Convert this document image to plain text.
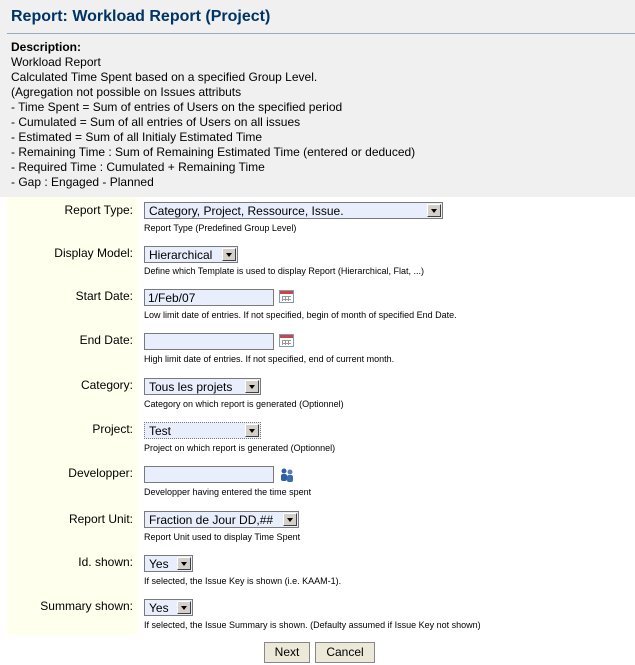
Report: Workload Report (Project)
Description:
Workload Report
Calculated Time Spent based on a specified Group Level.
(Agregation not possible on Issues attributs
- Time Spent = Sum of entries of Users on the specified period
- Cumulated = Sum of all entries of Users on all issues
- Estimated = Sum of all Initialy Estimated Time
- Remaining Time : Sum of Remaining Estimated Time (entered or deduced)
- Required Time : Cumulated + Remaining Time
- Gap : Engaged - Planned
Report Type: Category, Project, Ressource, Issue.
Report Type (Predefined Group Level)
Display Model: Hierarchical
Define which Template is used to display Report (Hierarchical, Flat, ...)
Start Date: 1/Feb/07
Low limit date of entries. If not specified, begin of month of specified End Date.
End Date:
High limit date of entries. If not specified, end of current month.
Category: Tous les projets
Category on which report is generated (Optionnel)
Project: Test
Project on which report is generated (Optionnel)
Developper:
Developper having entered the time spent
Report Unit: Fraction de Jour DD,##
Report Unit used to display Time Spent
Id. shown: Yes
If selected, the Issue Key is shown (i.e. KAAM-1).
Summary shown: Yes
If selected, the Issue Summary is shown. (Defaulty assumed if Issue Key not shown)
Next	Cancel
